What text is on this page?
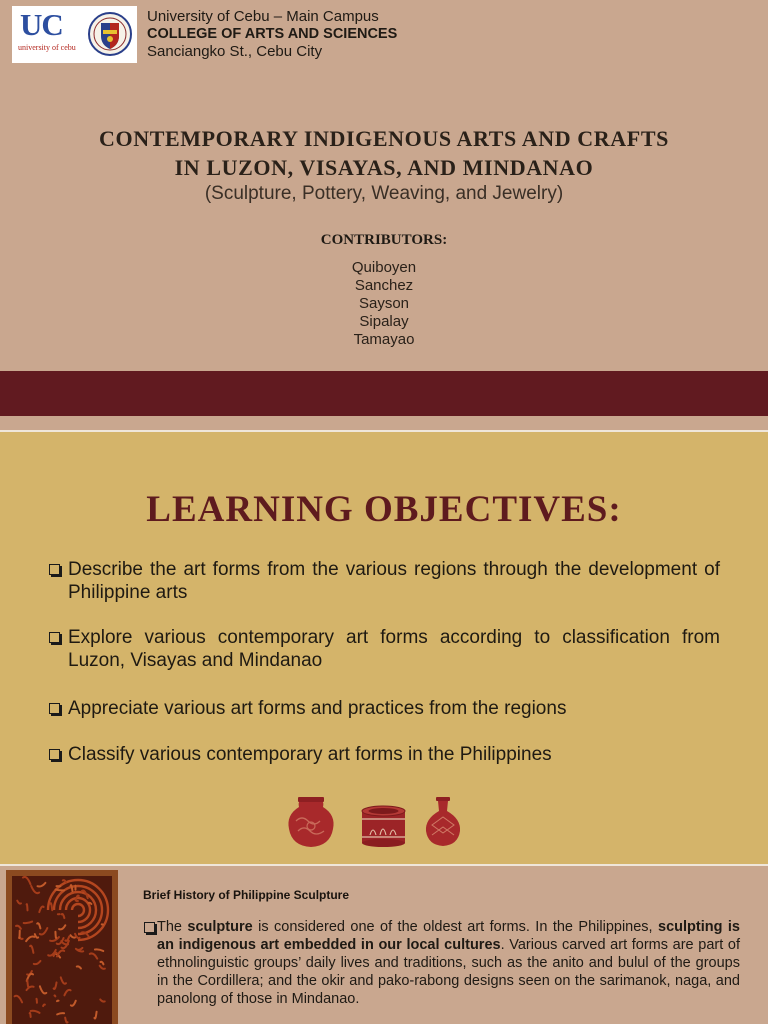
UC
university of cebu
University of Cebu – Main Campus
COLLEGE OF ARTS AND SCIENCES
Sanciangko St., Cebu City
CONTEMPORARY INDIGENOUS ARTS AND CRAFTS
IN LUZON, VISAYAS, AND MINDANAO
(Sculpture, Pottery, Weaving, and Jewelry)
CONTRIBUTORS:
Quiboyen
Sanchez
Sayson
Sipalay
Tamayao
LEARNING OBJECTIVES:
Describe the art forms from the various regions through the development of Philippine arts
Explore various contemporary art forms according to classification from Luzon, Visayas and Mindanao
Appreciate various art forms and practices from the regions
Classify various contemporary art forms in the Philippines
Brief History of Philippine Sculpture
The sculpture is considered one of the oldest art forms. In the Philippines, sculpting is an indigenous art embedded in our local cultures. Various carved art forms are part of ethnolinguistic groups’ daily lives and traditions, such as the anito and bulul of the groups in the Cordillera; and the okir and pako-rabong designs seen on the sarimanok, naga, and panolong of those in Mindanao.
